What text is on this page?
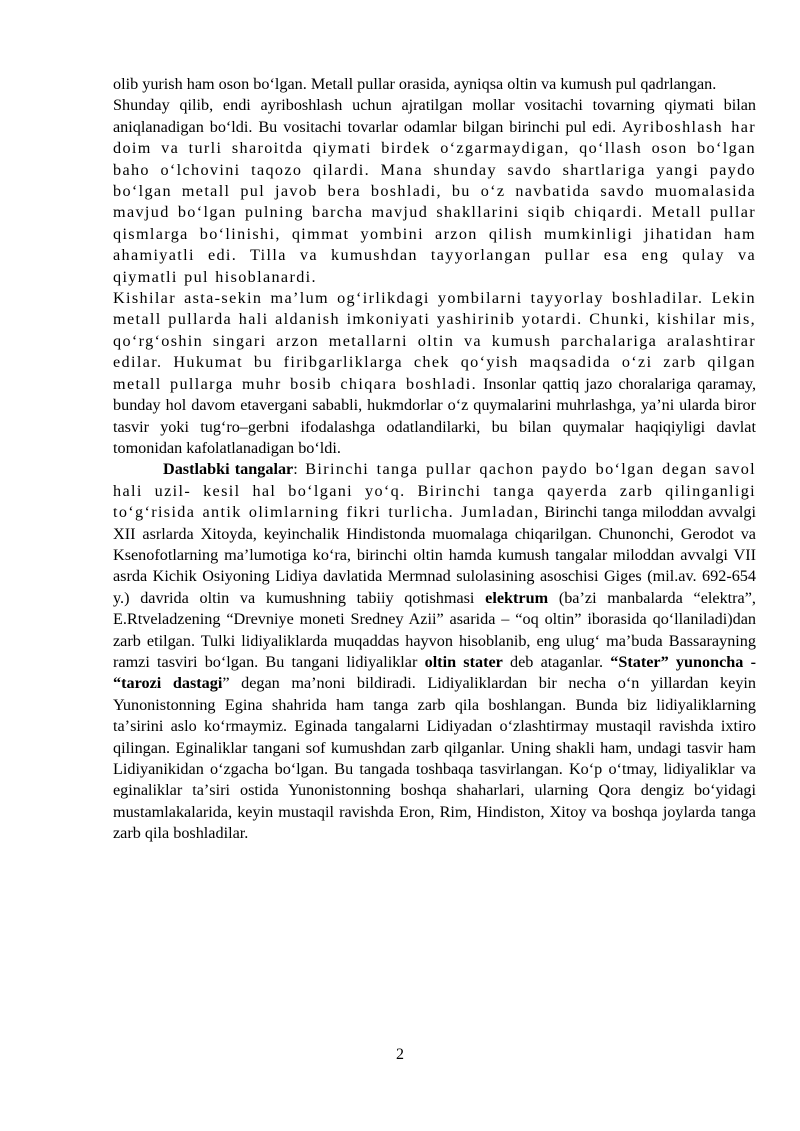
olib yurish ham oson boʻlgan. Metall pullar orasida, ayniqsa oltin va kumush pul qadrlangan.

Shunday qilib, endi ayriboshlash uchun ajratilgan mollar vositachi tovarning qiymati bilan aniqlanadigan boʻldi. Bu vositachi tovarlar odamlar bilgan birinchi pul edi. Ayriboshlash har doim va turli sharoitda qiymati birdek oʻzgarmaydigan, qoʻllash oson boʻlgan baho oʻlchovini taqozo qilardi. Mana shunday savdo shartlariga yangi paydo boʻlgan metall pul javob bera boshladi, bu oʻz navbatida savdo muomalasida mavjud boʻlgan pulning barcha mavjud shakllarini siqib chiqardi. Metall pullar qismlarga boʻlinishi, qimmat yombini arzon qilish mumkinligi jihatidan ham ahamiyatli edi. Tilla va kumushdan tayyorlangan pullar esa eng qulay va qiymatli pul hisoblanardi.

Kishilar asta-sekin maʼlum ogʻirlikdagi yombilarni tayyorlay boshladilar. Lekin metall pullarda hali aldanish imkoniyati yashirinib yotardi. Chunki, kishilar mis, qoʻrgʻoshin singari arzon metallarni oltin va kumush parchalariga aralashtirar edilar. Hukumat bu firibgarliklarga chek qoʻyish maqsadida oʻzi zarb qilgan metall pullarga muhr bosib chiqara boshladi. Insonlar qattiq jazo choralariga qaramay, bunday hol davom etavergani sababli, hukmdorlar oʻz quymalarini muhrlashga, yaʼni ularda biror tasvir yoki tugʻro–gerbni ifodalashga odatlandilarki, bu bilan quymalar haqiqiyligi davlat tomonidan kafolatlanadigan boʻldi.

Dastlabki tangalar: Birinchi tanga pullar qachon paydo boʻlgan degan savol hali uzil- kesil hal boʻlgani yoʻq. Birinchi tanga qayerda zarb qilinganligi toʻgʻrisida antik olimlarning fikri turlicha. Jumladan, Birinchi tanga miloddan avvalgi XII asrlarda Xitoyda, keyinchalik Hindistonda muomalaga chiqarilgan. Chunonchi, Gerodot va Ksenofotlarning maʼlumotiga koʻra, birinchi oltin hamda kumush tangalar miloddan avvalgi VII asrda Kichik Osiyoning Lidiya davlatida Mermnad sulolasining asoschisi Giges (mil.av. 692-654 y.) davrida oltin va kumushning tabiiy qotishmasi elektrum (baʼzi manbalarda “elektra”, E.Rtveladzening “Drevniye moneti Sredney Azii” asarida – “oq oltin” iborasida qoʻllaniladi)dan zarb etilgan. Tulki lidiyaliklarda muqaddas hayvon hisoblanib, eng ulugʻ maʼbuda Bassarayning ramzi tasviri boʻlgan. Bu tangani lidiyaliklar oltin stater deb ataganlar. “Stater” yunoncha - “tarozi dastagi” degan maʼnoni bildiradi. Lidiyaliklardan bir necha oʻn yillardan keyin Yunonistonning Egina shahrida ham tanga zarb qila boshlangan. Bunda biz lidiyaliklarning taʼsirini aslo koʻrmaymiz. Eginada tangalarni Lidiyadan oʻzlashtirmay mustaqil ravishda ixtiro qilingan. Eginaliklar tangani sof kumushdan zarb qilganlar. Uning shakli ham, undagi tasvir ham Lidiyanikidan oʻzgacha boʻlgan. Bu tangada toshbaqa tasvirlangan. Koʻp oʻtmay, lidiyaliklar va eginaliklar taʼsiri ostida Yunonistonning boshqa shaharlari, ularning Qora dengiz boʻyidagi mustamlakalarida, keyin mustaqil ravishda Eron, Rim, Hindiston, Xitoy va boshqa joylarda tanga zarb qila boshladilar.

2
